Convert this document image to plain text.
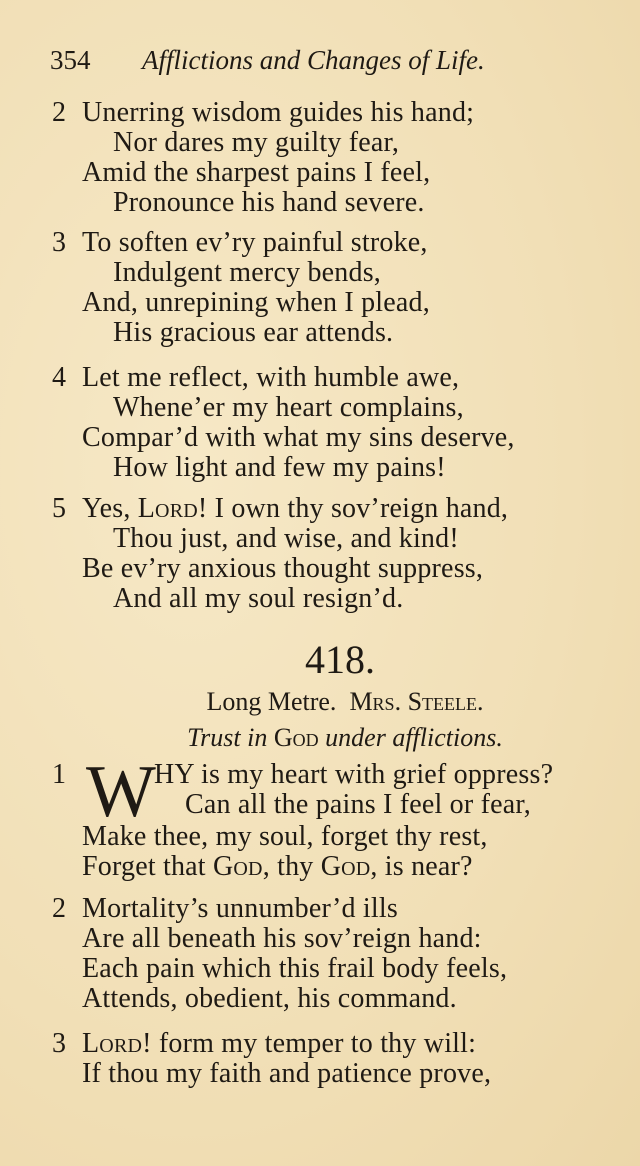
354 Afflictions and Changes of Life.
2 Unerring wisdom guides his hand;
Nor dares my guilty fear,
Amid the sharpest pains I feel,
Pronounce his hand severe.
3 To soften ev’ry painful stroke,
Indulgent mercy bends,
And, unrepining when I plead,
His gracious ear attends.
4 Let me reflect, with humble awe,
Whene’er my heart complains,
Compar’d with what my sins deserve,
How light and few my pains!
5 Yes, Lord! I own thy sov’reign hand,
Thou just, and wise, and kind!
Be ev’ry anxious thought suppress,
And all my soul resign’d.
418.
Long Metre. Mrs. Steele.
Trust in God under afflictions.
1 W
HY is my heart with grief oppress?
Can all the pains I feel or fear,
Make thee, my soul, forget thy rest,
Forget that God, thy God, is near?
2 Mortality’s unnumber’d ills
Are all beneath his sov’reign hand:
Each pain which this frail body feels,
Attends, obedient, his command.
3 Lord! form my temper to thy will:
If thou my faith and patience prove,
